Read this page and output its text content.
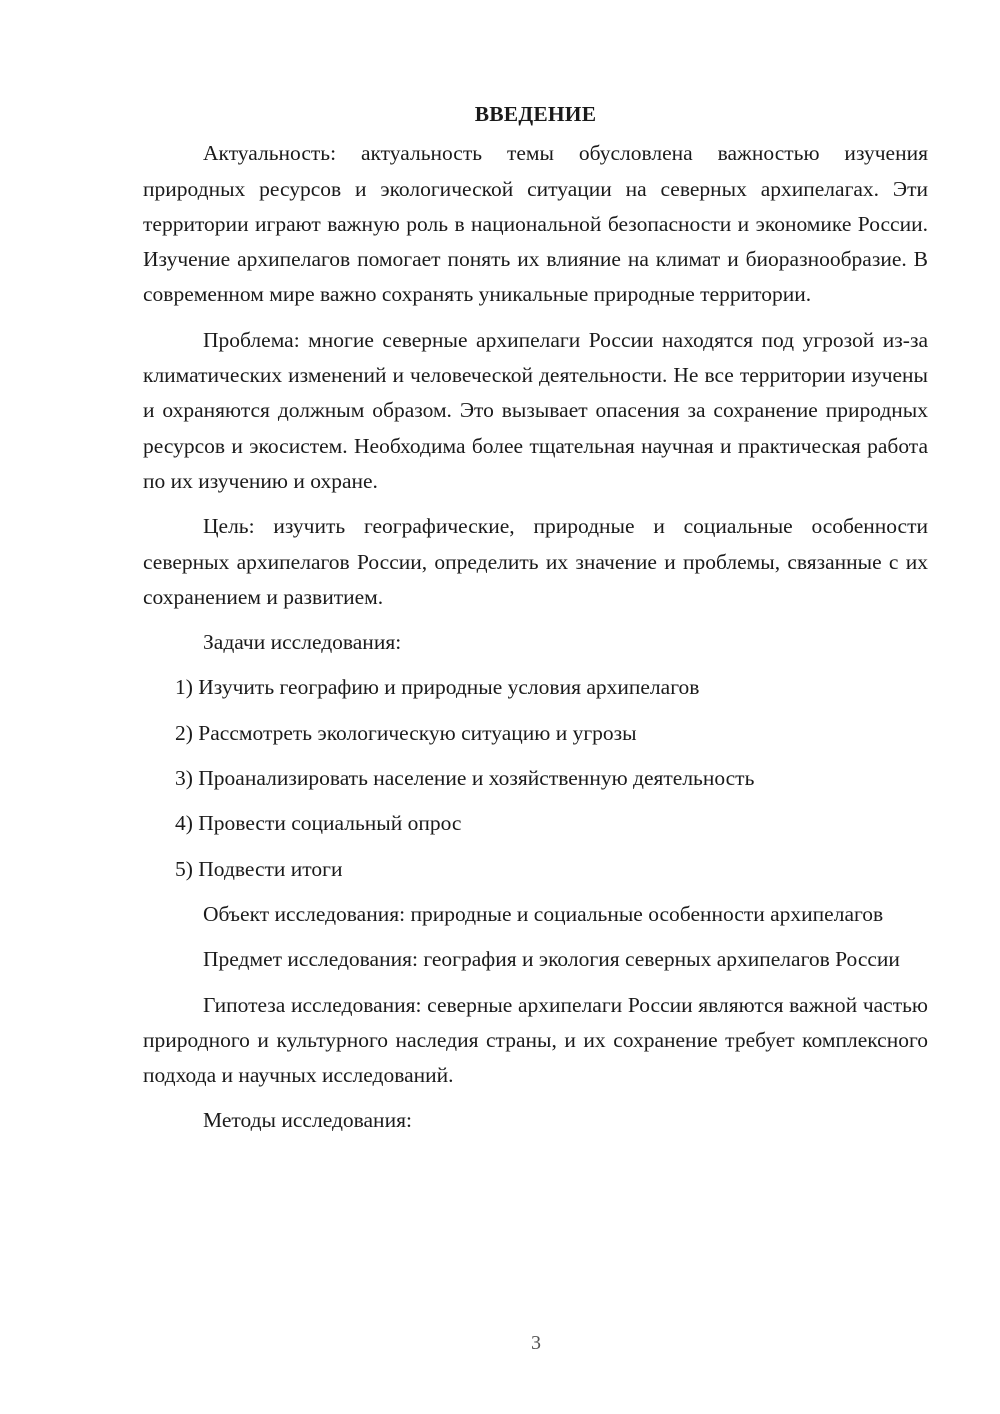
ВВЕДЕНИЕ

Актуальность: актуальность темы обусловлена важностью изучения природных ресурсов и экологической ситуации на северных архипелагах. Эти территории играют важную роль в национальной безопасности и экономике России. Изучение архипелагов помогает понять их влияние на климат и биоразнообразие. В современном мире важно сохранять уникальные природные территории.

Проблема: многие северные архипелаги России находятся под угрозой из-за климатических изменений и человеческой деятельности. Не все территории изучены и охраняются должным образом. Это вызывает опасения за сохранение природных ресурсов и экосистем. Необходима более тщательная научная и практическая работа по их изучению и охране.

Цель: изучить географические, природные и социальные особенности северных архипелагов России, определить их значение и проблемы, связанные с их сохранением и развитием.

Задачи исследования:

1) Изучить географию и природные условия архипелагов

2) Рассмотреть экологическую ситуацию и угрозы

3) Проанализировать население и хозяйственную деятельность

4) Провести социальный опрос

5) Подвести итоги

Объект исследования: природные и социальные особенности архипелагов

Предмет исследования: география и экология северных архипелагов России

Гипотеза исследования: северные архипелаги России являются важной частью природного и культурного наследия страны, и их сохранение требует комплексного подхода и научных исследований.

Методы исследования:

3
